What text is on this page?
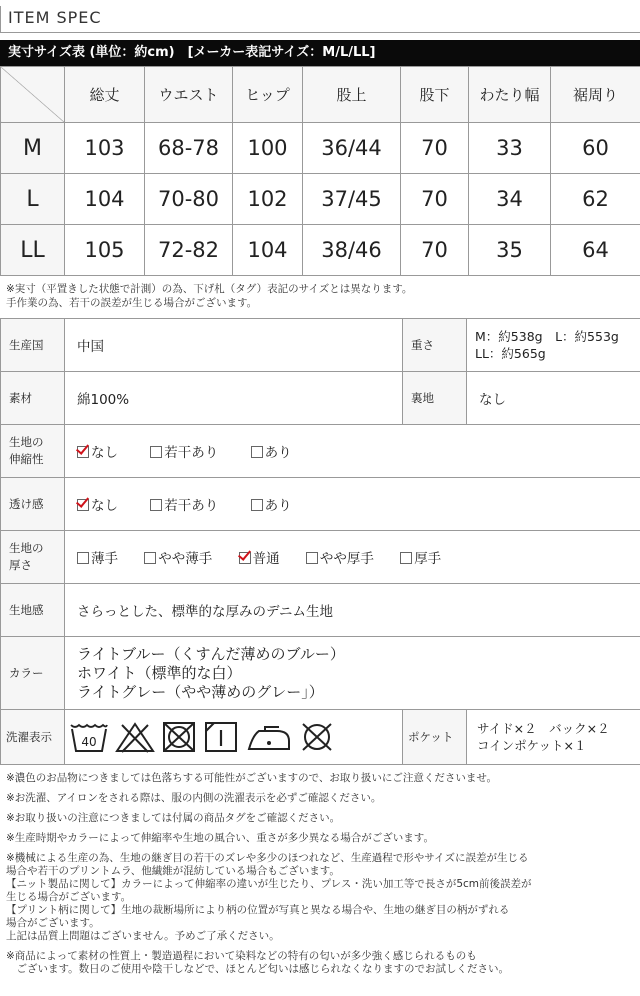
ITEM SPEC
実寸サイズ表 (単位：約cm)　[メーカー表記サイズ：M/L/LL]
	総丈	ウエスト	ヒップ	股上	股下	わたり幅	裾周り
M	103	68-78	100	36/44	70	33	60
L	104	70-80	102	37/45	70	34	62
LL	105	72-82	104	38/46	70	35	64
※実寸（平置きした状態で計測）の為、下げ札（タグ）表記のサイズとは異なります。
手作業の為、若干の誤差が生じる場合がございます。
生産国	中国	重さ	M：約538g　L：約553g
LL：約565g

素材	綿100%	裏地	なし

生地の
伸縮性	なし 若干あり あり		
透け感	なし 若干あり あり		

生地の
厚さ	薄手 やや薄手 普通 やや厚手 厚手		
生地感	さらっとした、標準的な厚みのデニム生地		
カラー	ライトブルー（くすんだ薄めのブルー）
ホワイト（標準的な白）
ライトグレー（やや薄めのグレー」）		

洗濯表示	40	ポケット	サイド×２　バック×２
コインポケット×１

※濃色のお品物につきましては色落ちする可能性がございますので、お取り扱いにご注意くださいませ。

※お洗濯、アイロンをされる際は、服の内側の洗濯表示を必ずご確認ください。

※お取り扱いの注意につきましては付属の商品タグをご確認ください。

※生産時期やカラーによって伸縮率や生地の風合い、重さが多少異なる場合がございます。

※機械による生産の為、生地の継ぎ目の若干のズレや多少のほつれなど、生産過程で形やサイズに誤差が生じる
場合や若干のプリントムラ、他繊維が混紡している場合もございます。
【ニット製品に関して】カラーによって伸縮率の違いが生じたり、プレス・洗い加工等で長さが5cm前後誤差が
生じる場合がございます。
【プリント柄に関して】生地の裁断場所により柄の位置が写真と異なる場合や、生地の継ぎ目の柄がずれる
場合がございます。
上記は品質上問題はございません。予めご了承ください。

※商品によって素材の性質上・製造過程において染料などの特有の匂いが多少強く感じられるものも
　ございます。数日のご使用や陰干しなどで、ほとんど匂いは感じられなくなりますのでお試しください。
